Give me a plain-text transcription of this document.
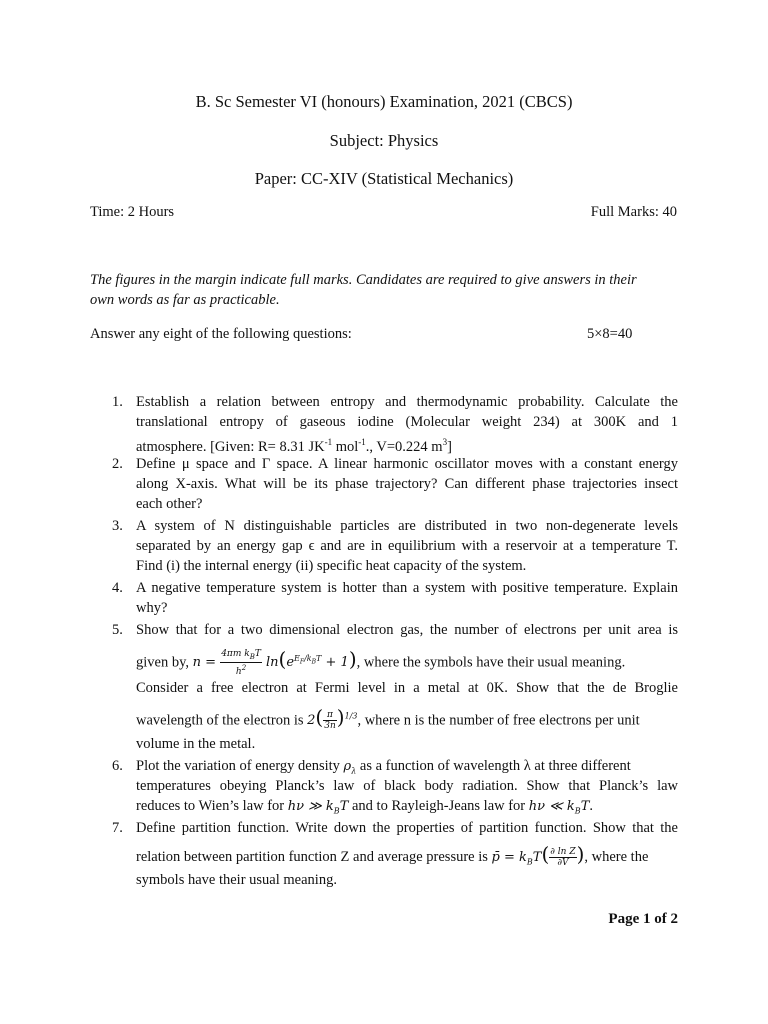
B. Sc Semester VI (honours) Examination, 2021 (CBCS)
Subject: Physics
Paper: CC-XIV (Statistical Mechanics)
Time: 2 Hours	Full Marks: 40
The figures in the margin indicate full marks. Candidates are required to give answers in their
own words as far as practicable.
Answer any eight of the following questions:	5×8=40
1. Establish a relation between entropy and thermodynamic probability. Calculate the
translational entropy of gaseous iodine (Molecular weight 234) at 300K and 1
atmosphere. [Given: R= 8.31 $JK^{-1}$ mol$^{-1}$., V=0.224 $m^3$]
2. Define μ space and Γ space. A linear harmonic oscillator moves with a constant energy
along X-axis. What will be its phase trajectory? Can different phase trajectories insect
each other?
3. A system of N distinguishable particles are distributed in two non-degenerate levels
separated by an energy gap ϵ and are in equilibrium with a reservoir at a temperature T.
Find (i) the internal energy (ii) specific heat capacity of the system.
4. A negative temperature system is hotter than a system with positive temperature. Explain
why?
5. Show that for a two dimensional electron gas, the number of electrons per unit area is
given by, $n = \frac{4\pi m k_BT}{h^2} \ln(e^{E_F/k_BT} + 1)$, where the symbols have their usual meaning.
Consider a free electron at Fermi level in a metal at 0K. Show that the de Broglie
wavelength of the electron is $2( \frac{\pi}{3n} )^{1/3}$, where n is the number of free electrons per unit
volume in the metal.
6. Plot the variation of energy density $\rho_\lambda$ as a function of wavelength λ at three different
temperatures obeying Planck’s law of black body radiation. Show that Planck’s law
reduces to Wien’s law for hν ≫ $k_BT$ and to Rayleigh-Jeans law for hν ≪ $k_BT$.
7. Define partition function. Write down the properties of partition function. Show that the
relation between partition function Z and average pressure is p̄ = $k_BT( \frac{\text{∂ ln Z}}{\partial V}$ ), where the
symbols have their usual meaning.
Page 1 of 2
